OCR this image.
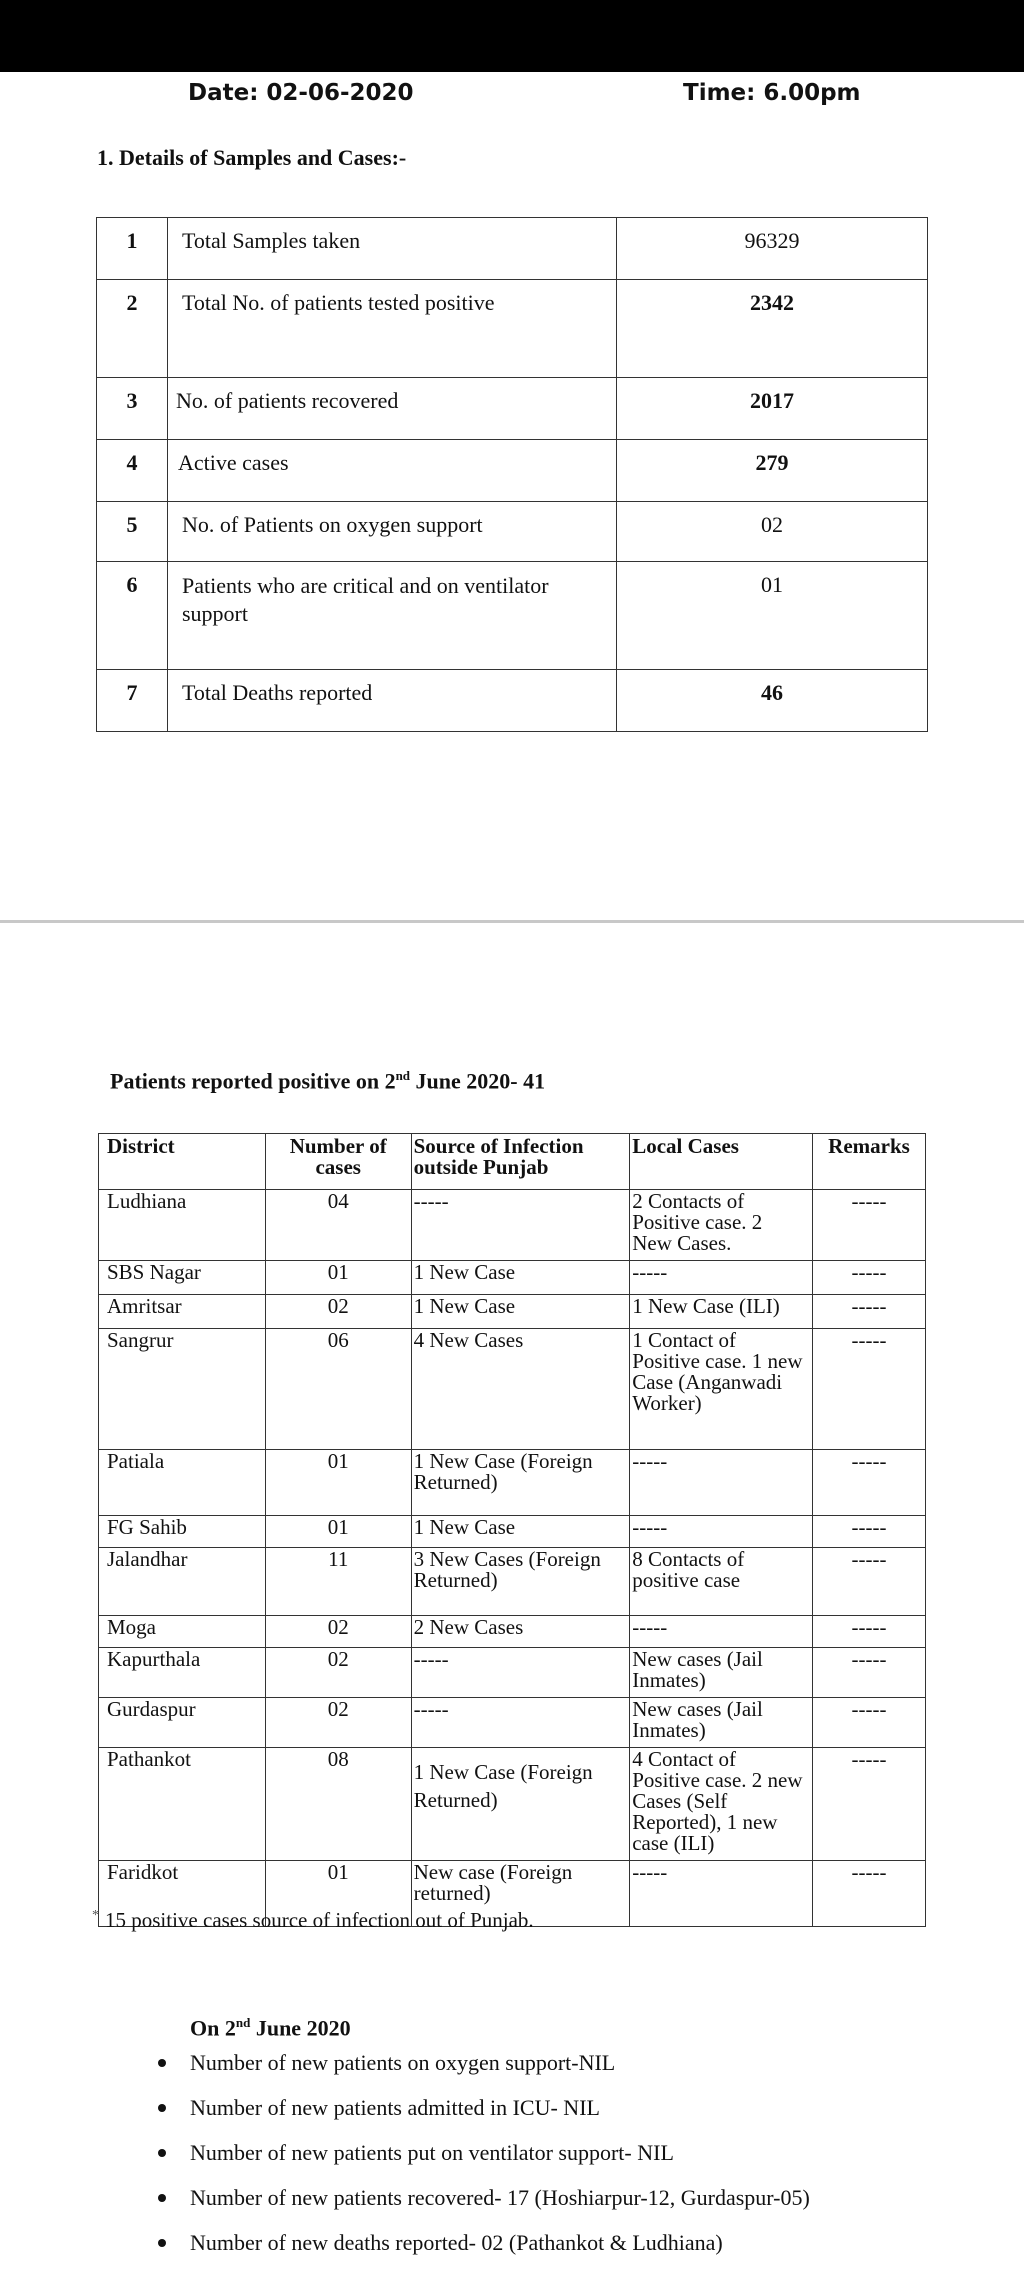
Date: 02-06-2020	Time: 6.00pm
1. Details of Samples and Cases:-
1	Total Samples taken	96329
2	Total No. of patients tested positive	2342
3	No. of patients recovered	2017
4	Active cases	279
5	No. of Patients on oxygen support	02
6	Patients who are critical and on ventilator support	01
7	Total Deaths reported	46
Patients reported positive on 2nd June 2020- 41
District	Number of cases	Source of Infection outside Punjab	Local Cases	Remarks
Ludhiana	04	-----	2 Contacts of Positive case. 2 New Cases.	-----
SBS Nagar	01	1 New Case	-----	-----
Amritsar	02	1 New Case	1 New Case (ILI)	-----
Sangrur	06	4 New Cases	1 Contact of Positive case. 1 new Case (Anganwadi Worker)	-----
Patiala	01	1 New Case (Foreign Returned)	-----	-----
FG Sahib	01	1 New Case	-----	-----
Jalandhar	11	3 New Cases (Foreign Returned)	8 Contacts of positive case	-----
Moga	02	2 New Cases	-----	-----
Kapurthala	02	-----	New cases (Jail Inmates)	-----
Gurdaspur	02	-----	New cases (Jail Inmates)	-----
Pathankot	08	1 New Case (Foreign Returned)	4 Contact of Positive case. 2 new Cases (Self Reported), 1 new case (ILI)	-----
Faridkot	01	New case (Foreign returned)	-----	-----
* 15 positive cases source of infection out of Punjab.
On 2nd June 2020
Number of new patients on oxygen support-NIL
Number of new patients admitted in ICU- NIL
Number of new patients put on ventilator support- NIL
Number of new patients recovered- 17 (Hoshiarpur-12, Gurdaspur-05)
Number of new deaths reported- 02 (Pathankot & Ludhiana)
